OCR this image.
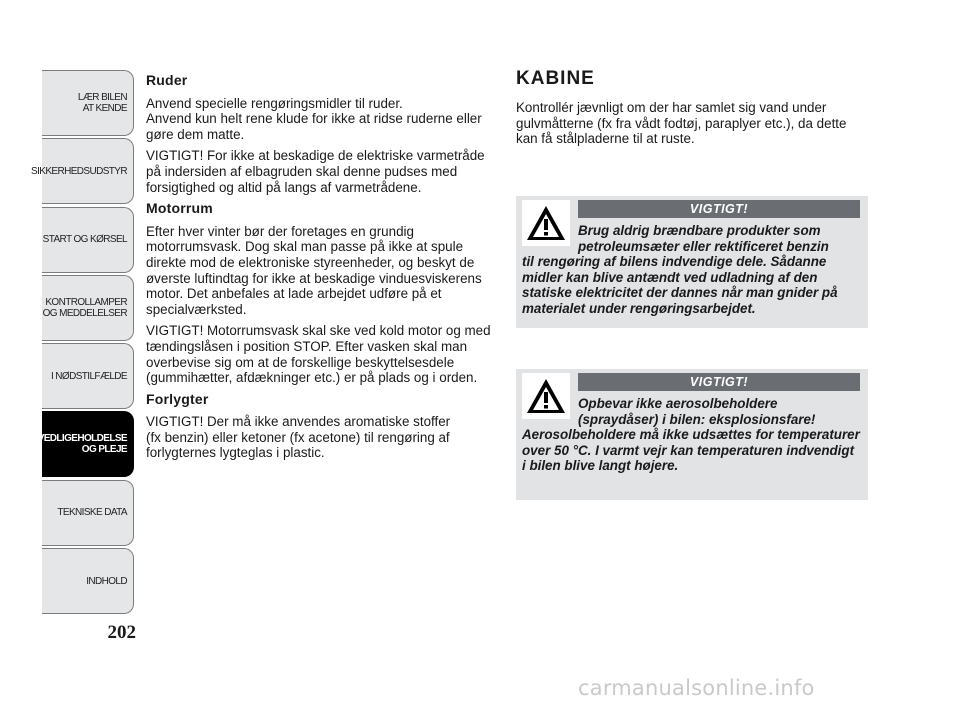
LÆR BILEN
AT KENDE
SIKKERHEDSUDSTYR
START OG KØRSEL
KONTROLLAMPER
OG MEDDELELSER
I NØDSTILFÆLDE
VEDLIGEHOLDELSE
OG PLEJE
TEKNISKE DATA
INDHOLD
202
Ruder

Anvend specielle rengøringsmidler til ruder.
Anvend kun helt rene klude for ikke at ridse ruderne eller gøre dem matte.

VIGTIGT! For ikke at beskadige de elektriske varmetråde på indersiden af elbagruden skal denne pudses med forsigtighed og altid på langs af varmetrådene.

Motorrum

Efter hver vinter bør der foretages en grundig motorrumsvask. Dog skal man passe på ikke at spule direkte mod de elektroniske styreenheder, og beskyt de øverste luftindtag for ikke at beskadige vinduesviskerens motor. Det anbefales at lade arbejdet udføre på et specialværksted.

VIGTIGT! Motorrumsvask skal ske ved kold motor og med tændingslåsen i position STOP. Efter vasken skal man overbevise sig om at de forskellige beskyttelsesdele (gummihætter, afdækninger etc.) er på plads og i orden.

Forlygter

VIGTIGT! Der må ikke anvendes aromatiske stoffer
(fx benzin) eller ketoner (fx acetone) til rengøring af forlygternes lygteglas i plastic.

KABINE

Kontrollér jævnligt om der har samlet sig vand under gulvmåtterne (fx fra vådt fodtøj, paraplyer etc.), da dette kan få stålpladerne til at ruste.

VIGTIGT!
Brug aldrig brændbare produkter som petroleumsæter eller rektificeret benzin
til rengøring af bilens indvendige dele. Sådanne midler kan blive antændt ved udladning af den statiske elektricitet der dannes når man gnider på materialet under rengøringsarbejdet.
VIGTIGT!
Opbevar ikke aerosolbeholdere (spraydåser) i bilen: eksplosionsfare!
Aerosolbeholdere må ikke udsættes for temperaturer over 50 °C. I varmt vejr kan temperaturen indvendigt i bilen blive langt højere.
carmanualsonline.info
